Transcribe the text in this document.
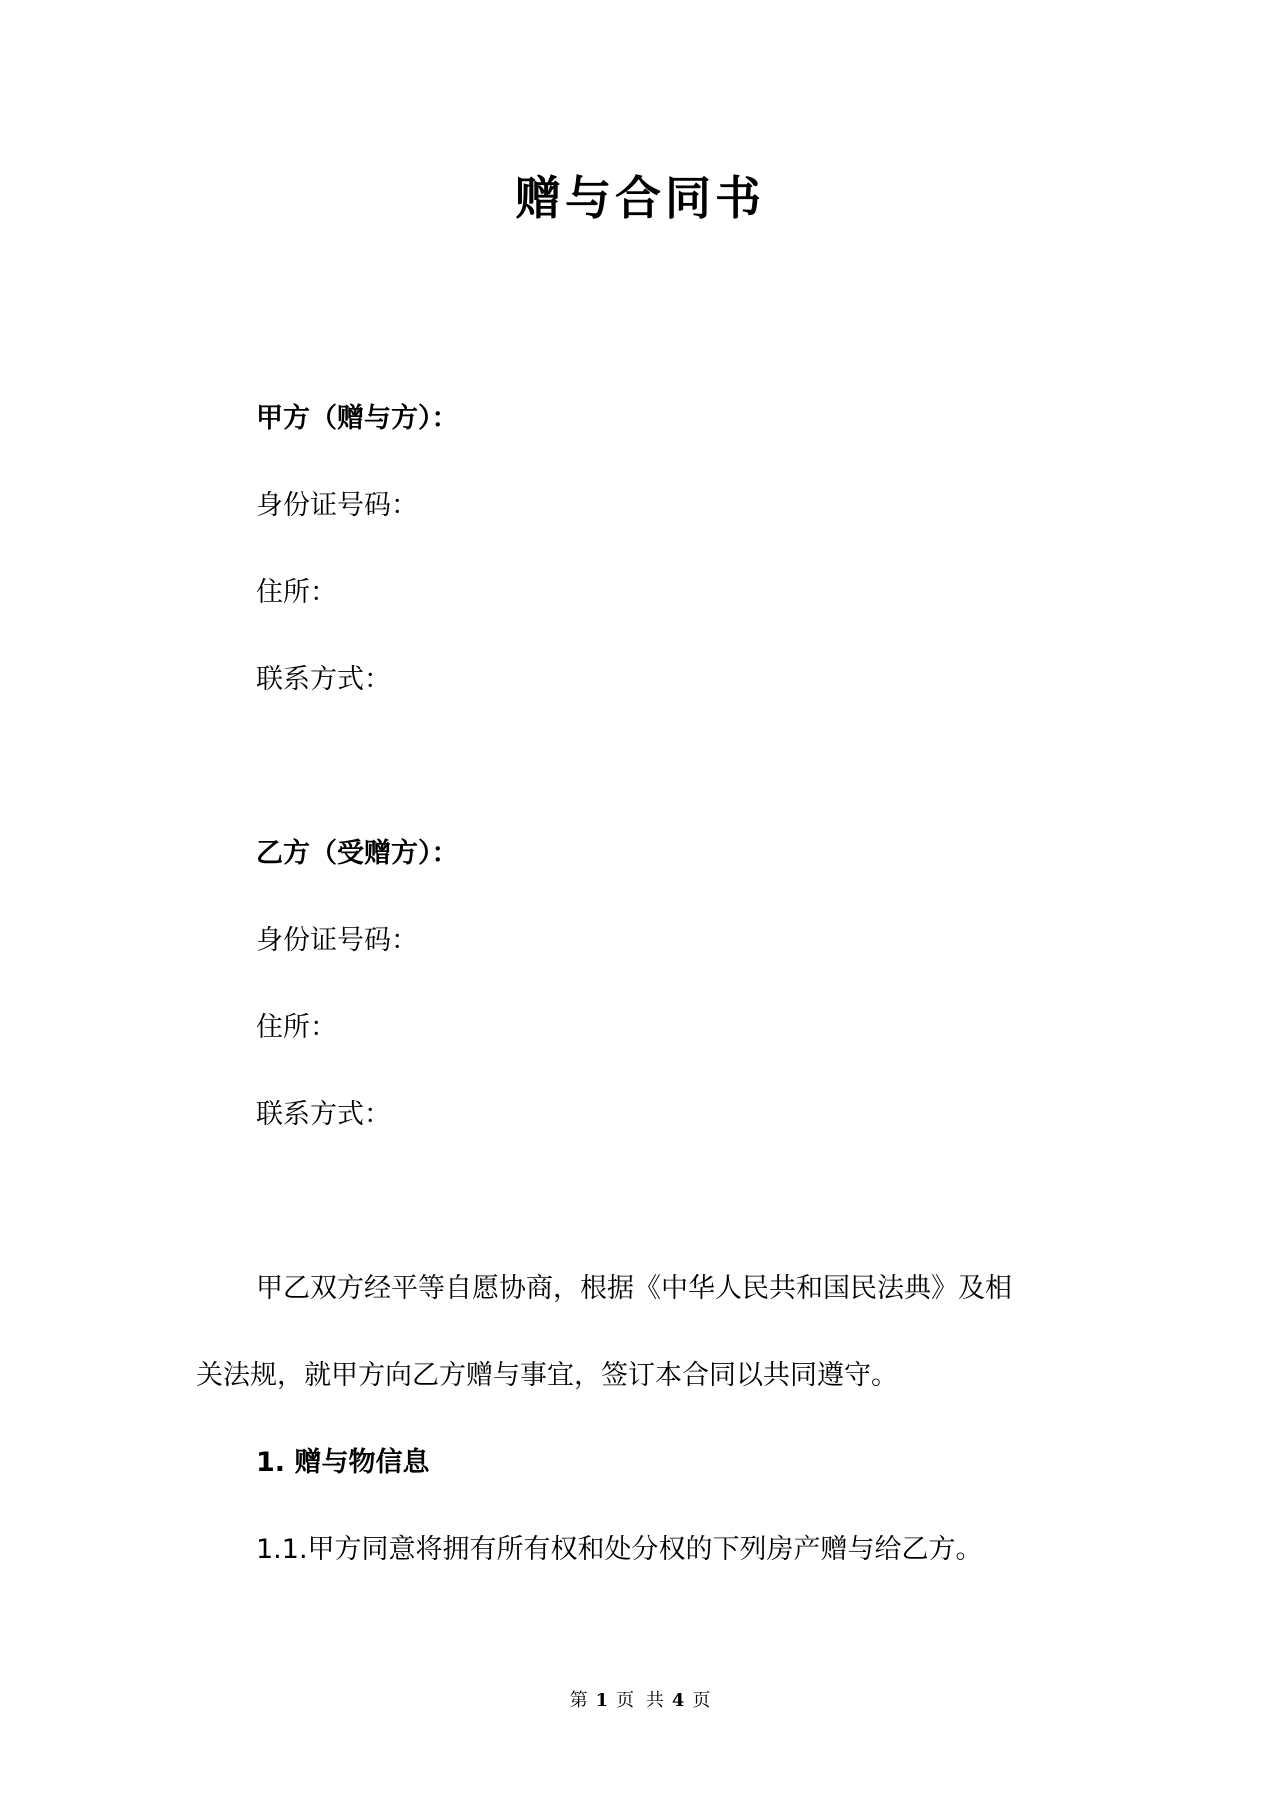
赠与合同书
甲方（赠与方）：
身份证号码：
住所：
联系方式：
乙方（受赠方）：
身份证号码：
住所：
联系方式：
甲乙双方经平等自愿协商，根据《中华人民共和国民法典》及相
关法规，就甲方向乙方赠与事宜，签订本合同以共同遵守。
1. 赠与物信息
1.1.甲方同意将拥有所有权和处分权的下列房产赠与给乙方。
第 1 页 共 4 页
